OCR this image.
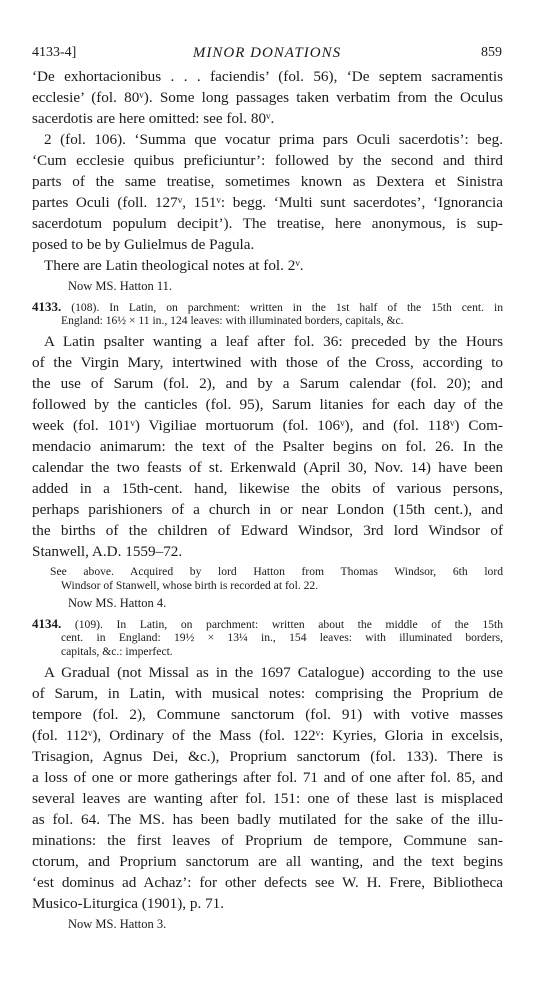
4133-4]	MINOR DONATIONS	859
‘De exhortacionibus . . . faciendis’ (fol. 56), ‘De septem sacramentis
ecclesie’ (fol. 80ᵛ). Some long passages taken verbatim from the Oculus
sacerdotis are here omitted: see fol. 80ᵛ.
2 (fol. 106). ‘Summa que vocatur prima pars Oculi sacerdotis’: beg.
‘Cum ecclesie quibus preficiuntur’: followed by the second and third
parts of the same treatise, sometimes known as Dextera et Sinistra
partes Oculi (foll. 127ᵛ, 151ᵛ: begg. ‘Multi sunt sacerdotes’, ‘Ignorancia
sacerdotum populum decipit’). The treatise, here anonymous, is sup-
posed to be by Gulielmus de Pagula.
There are Latin theological notes at fol. 2ᵛ.
Now MS. Hatton 11.
4133. (108). In Latin, on parchment: written in the 1st half of the 15th cent. in
England: 16½ × 11 in., 124 leaves: with illuminated borders, capitals, &c.
A Latin psalter wanting a leaf after fol. 36: preceded by the Hours
of the Virgin Mary, intertwined with those of the Cross, according to
the use of Sarum (fol. 2), and by a Sarum calendar (fol. 20); and
followed by the canticles (fol. 95), Sarum litanies for each day of the
week (fol. 101ᵛ) Vigiliae mortuorum (fol. 106ᵛ), and (fol. 118ᵛ) Com-
mendacio animarum: the text of the Psalter begins on fol. 26. In the
calendar the two feasts of st. Erkenwald (April 30, Nov. 14) have been
added in a 15th-cent. hand, likewise the obits of various persons,
perhaps parishioners of a church in or near London (15th cent.), and
the births of the children of Edward Windsor, 3rd lord Windsor of
Stanwell, A.D. 1559–72.
See above. Acquired by lord Hatton from Thomas Windsor, 6th lord
Windsor of Stanwell, whose birth is recorded at fol. 22.
Now MS. Hatton 4.
4134. (109). In Latin, on parchment: written about the middle of the 15th
cent. in England: 19½ × 13¼ in., 154 leaves: with illuminated borders,
capitals, &c.: imperfect.
A Gradual (not Missal as in the 1697 Catalogue) according to the use
of Sarum, in Latin, with musical notes: comprising the Proprium de
tempore (fol. 2), Commune sanctorum (fol. 91) with votive masses
(fol. 112ᵛ), Ordinary of the Mass (fol. 122ᵛ: Kyries, Gloria in excelsis,
Trisagion, Agnus Dei, &c.), Proprium sanctorum (fol. 133). There is
a loss of one or more gatherings after fol. 71 and of one after fol. 85, and
several leaves are wanting after fol. 151: one of these last is misplaced
as fol. 64. The MS. has been badly mutilated for the sake of the illu-
minations: the first leaves of Proprium de tempore, Commune san-
ctorum, and Proprium sanctorum are all wanting, and the text begins
‘est dominus ad Achaz’: for other defects see W. H. Frere, Bibliotheca
Musico-Liturgica (1901), p. 71.
Now MS. Hatton 3.
